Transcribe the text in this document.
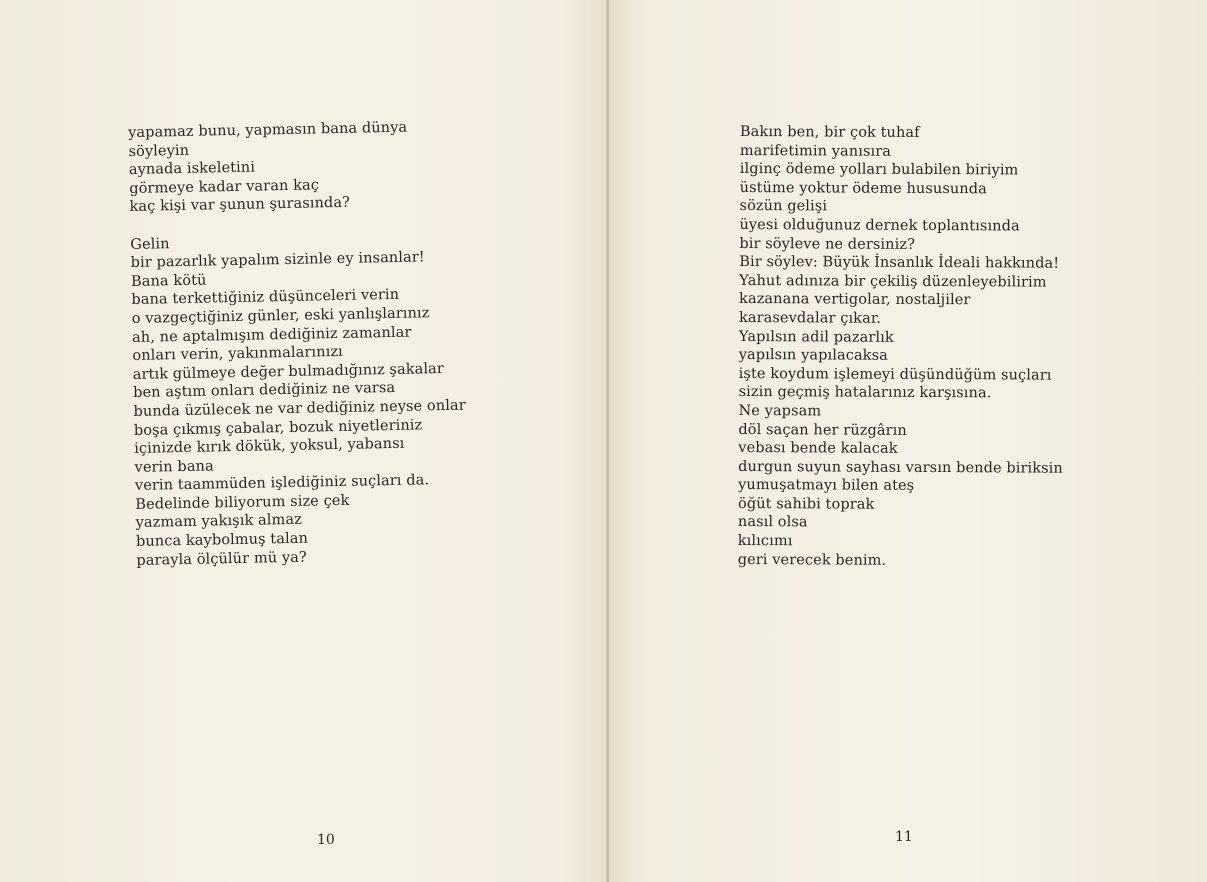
yapamaz bunu, yapmasın bana dünya
söyleyin
aynada iskeletini
görmeye kadar varan kaç
kaç kişi var şunun şurasında?
Gelin
bir pazarlık yapalım sizinle ey insanlar!
Bana kötü
bana terkettiğiniz düşünceleri verin
o vazgeçtiğiniz günler, eski yanlışlarınız
ah, ne aptalmışım dediğiniz zamanlar
onları verin, yakınmalarınızı
artık gülmeye değer bulmadığınız şakalar
ben aştım onları dediğiniz ne varsa
bunda üzülecek ne var dediğiniz neyse onlar
boşa çıkmış çabalar, bozuk niyetleriniz
içinizde kırık dökük, yoksul, yabansı
verin bana
verin taammüden işlediğiniz suçları da.
Bedelinde biliyorum size çek
yazmam yakışık almaz
bunca kaybolmuş talan
parayla ölçülür mü ya?
10
Bakın ben, bir çok tuhaf
marifetimin yanısıra
ilginç ödeme yolları bulabilen biriyim
üstüme yoktur ödeme hususunda
sözün gelişi
üyesi olduğunuz dernek toplantısında
bir söyleve ne dersiniz?
Bir söylev: Büyük İnsanlık İdeali hakkında!
Yahut adınıza bir çekiliş düzenleyebilirim
kazanana vertigolar, nostaljiler
karasevdalar çıkar.
Yapılsın adil pazarlık
yapılsın yapılacaksa
işte koydum işlemeyi düşündüğüm suçları
sizin geçmiş hatalarınız karşısına.
Ne yapsam
döl saçan her rüzgârın
vebası bende kalacak
durgun suyun sayhası varsın bende biriksin
yumuşatmayı bilen ateş
öğüt sahibi toprak
nasıl olsa
kılıcımı
geri verecek benim.
11
